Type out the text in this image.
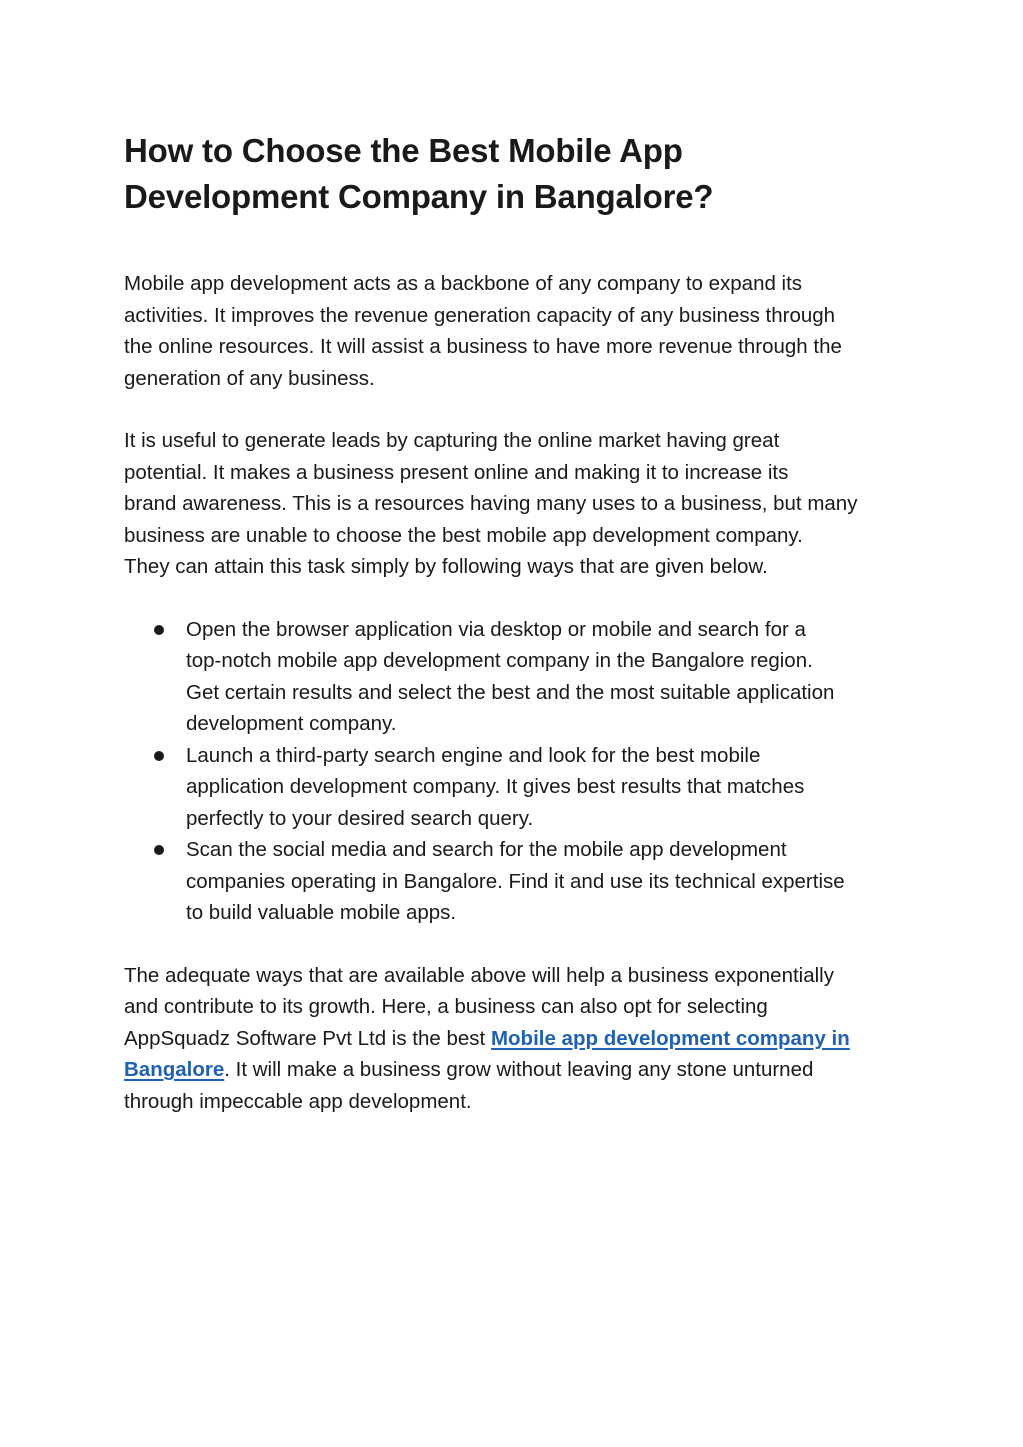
How to Choose the Best Mobile App
Development Company in Bangalore?

Mobile app development acts as a backbone of any company to expand its
activities. It improves the revenue generation capacity of any business through
the online resources. It will assist a business to have more revenue through the
generation of any business.

It is useful to generate leads by capturing the online market having great
potential. It makes a business present online and making it to increase its
brand awareness. This is a resources having many uses to a business, but many
business are unable to choose the best mobile app development company.
They can attain this task simply by following ways that are given below.

Open the browser application via desktop or mobile and search for a
top-notch mobile app development company in the Bangalore region.
Get certain results and select the best and the most suitable application
development company.
Launch a third-party search engine and look for the best mobile
application development company. It gives best results that matches
perfectly to your desired search query.
Scan the social media and search for the mobile app development
companies operating in Bangalore. Find it and use its technical expertise
to build valuable mobile apps.

The adequate ways that are available above will help a business exponentially
and contribute to its growth. Here, a business can also opt for selecting
AppSquadz Software Pvt Ltd is the best Mobile app development company in
Bangalore. It will make a business grow without leaving any stone unturned
through impeccable app development.
